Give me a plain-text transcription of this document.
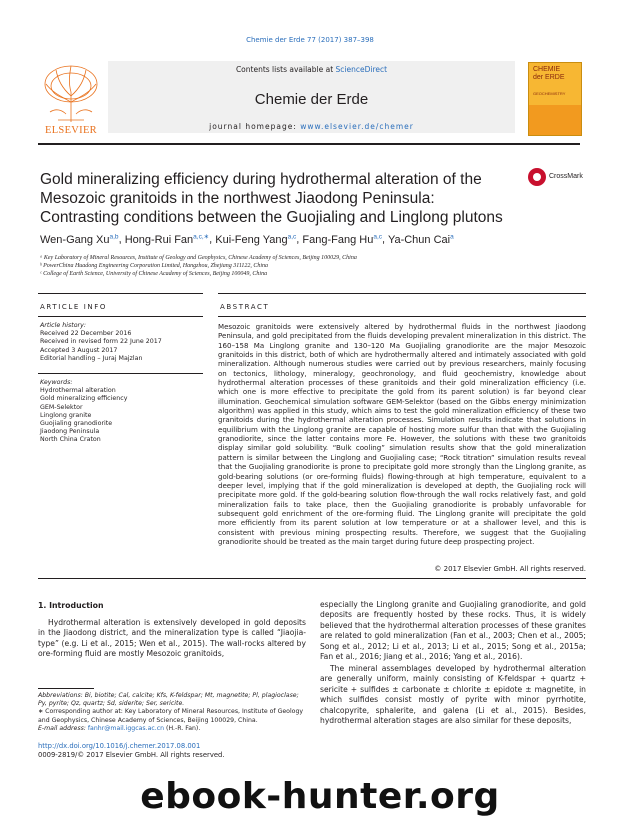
Chemie der Erde 77 (2017) 387–398
ELSEVIER
Contents lists available at ScienceDirect
Chemie der Erde
journal homepage: www.elsevier.de/chemer
CHEMIE
der ERDE
GEOCHEMISTRY
Gold mineralizing efficiency during hydrothermal alteration of the Mesozoic granitoids in the northwest Jiaodong Peninsula: Contrasting conditions between the Guojialing and Linglong plutons
CrossMark
Wen-Gang Xu$^{a,b}$, Hong-Rui Fan$^{a,c,∗}$, Kui-Feng Yang$^{a,c}$, Fang-Fang Hu$^{a,c}$, Ya-Chun Cai$^a$
ᵃ Key Laboratory of Mineral Resources, Institute of Geology and Geophysics, Chinese Academy of Sciences, Beijing 100029, China
ᵇ PowerChina Huadong Engineering Corporation Limited, Hangzhou, Zhejiang 311122, China
ᶜ College of Earth Science, University of Chinese Academy of Sciences, Beijing 100049, China
ARTICLE INFO
Article history:
Received 22 December 2016
Received in revised form 22 June 2017
Accepted 3 August 2017
Editorial handling – Juraj Majzlan
Keywords:
Hydrothermal alteration
Gold mineralizing efficiency
GEM-Selektor
Linglong granite
Guojialing granodiorite
Jiaodong Peninsula
North China Craton
ABSTRACT
Mesozoic granitoids were extensively altered by hydrothermal fluids in the northwest Jiaodong Peninsula, and gold precipitated from the fluids developing prevalent mineralization in this district. The 160–158 Ma Linglong granite and 130–120 Ma Guojialing granodiorite are the major Mesozoic granitoids in this district, both of which are hydrothermally altered and intimately associated with gold mineralization. Although numerous studies were carried out by previous researchers, mainly focusing on tectonics, lithology, mineralogy, geochronology, and fluid geochemistry, knowledge about hydrothermal alteration processes of these granitoids and their gold mineralization efficiency (i.e. which one is more effective to precipitate the gold from its parent solution) is far beyond clear illumination. Geochemical simulation software GEM-Selektor (based on the Gibbs energy minimization algorithm) was applied in this study, which aims to test the gold mineralization efficiency of these two granitoids during the hydrothermal alteration processes. Simulation results indicate that solutions in equilibrium with the Linglong granite are capable of hosting more sulfur than that with the Guojialing granodiorite, since the latter contains more Fe. However, the solutions with these two granitoids display similar gold solubility. “Bulk cooling” simulation results show that the gold mineralization pattern is similar between the Linglong and Guojialing case; “Rock titration” simulation results reveal that the Guojialing granodiorite is prone to precipitate gold more strongly than the Linglong granite, as gold-bearing solutions (or ore-forming fluids) flowing-through at high temperature, equivalent to a deeper level, implying that if the gold mineralization is developed at depth, the Guojialing rock will precipitate more gold. If the gold-bearing solution flow-through the wall rocks relatively fast, and gold mineralization fails to take place, then the Guojialing granodiorite is probably unfavorable for subsequent gold enrichment of the ore-forming fluid. The Linglong granite will precipitate the gold more efficiently from its parent solution at low temperature or at a shallower level, and this is consistent with previous mining prospecting results. Therefore, we suggest that the Guojialing granodiorite should be treated as the main target during future deep prospecting project.
© 2017 Elsevier GmbH. All rights reserved.
1. Introduction
Hydrothermal alteration is extensively developed in gold deposits in the Jiaodong district, and the mineralization type is called “Jiaojia-type” (e.g. Li et al., 2015; Wen et al., 2015). The wall-rocks altered by ore-forming fluid are mostly Mesozoic granitoids,
especially the Linglong granite and Guojialing granodiorite, and gold deposits are frequently hosted by these rocks. Thus, it is widely believed that the hydrothermal alteration processes of these granites are related to gold mineralization (Fan et al., 2003; Chen et al., 2005; Song et al., 2012; Li et al., 2013; Li et al., 2015; Song et al., 2015a; Fan et al., 2016; Jiang et al., 2016; Yang et al., 2016).
The mineral assemblages developed by hydrothermal alteration are generally uniform, mainly consisting of K-feldspar + quartz + sericite + sulfides ± carbonate ± chlorite ± epidote ± magnetite, in which sulfides consist mostly of pyrite with minor pyrrhotite, chalcopyrite, sphalerite, and galena (Li et al., 2015). Besides, hydrothermal alteration stages are also similar for these deposits,
Abbreviations: Bi, biotite; Cal, calcite; Kfs, K-feldspar; Mt, magnetite; Pl, plagioclase; Py, pyrite; Qz, quartz; Sd, siderite; Ser, sericite.
∗ Corresponding author at: Key Laboratory of Mineral Resources, Institute of Geology and Geophysics, Chinese Academy of Sciences, Beijing 100029, China.
E-mail address: fanhr@mail.iggcas.ac.cn (H.-R. Fan).
http://dx.doi.org/10.1016/j.chemer.2017.08.001
0009-2819/© 2017 Elsevier GmbH. All rights reserved.
ebook-hunter.org
